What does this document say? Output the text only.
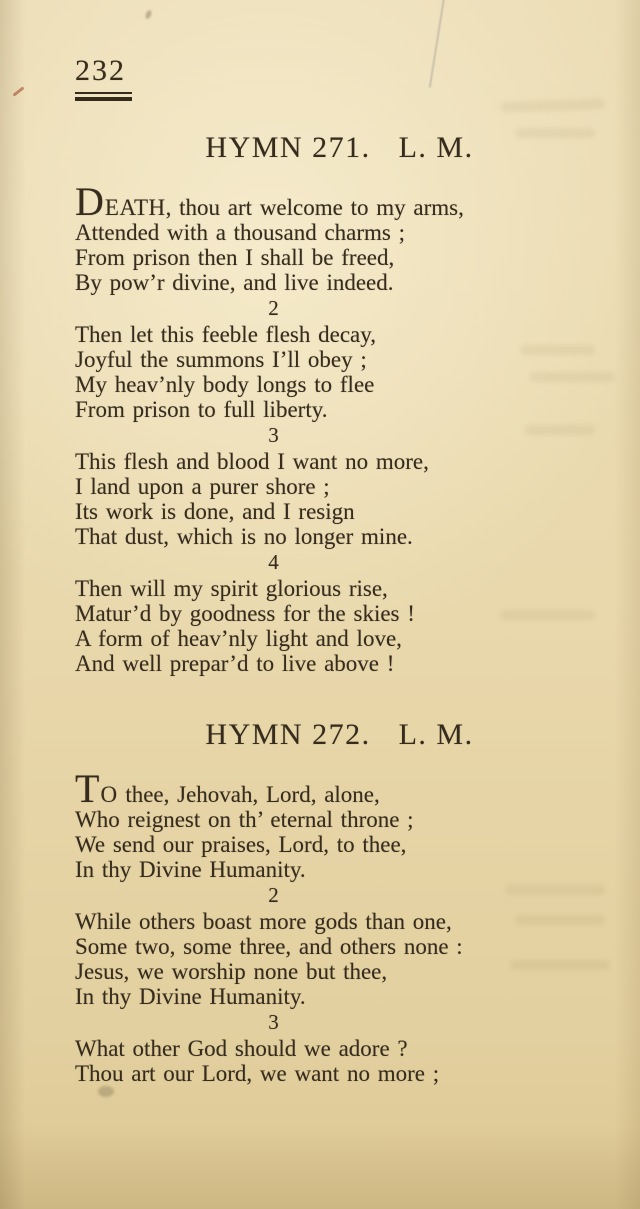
232
HYMN 271. L. M.
DEATH, thou art welcome to my arms,
Attended with a thousand charms ;
From prison then I shall be freed,
By pow’r divine, and live indeed.
2
Then let this feeble flesh decay,
Joyful the summons I’ll obey ;
My heav’nly body longs to flee
From prison to full liberty.
3
This flesh and blood I want no more,
I land upon a purer shore ;
Its work is done, and I resign
That dust, which is no longer mine.
4
Then will my spirit glorious rise,
Matur’d by goodness for the skies !
A form of heav’nly light and love,
And well prepar’d to live above !
HYMN 272. L. M.
TO thee, Jehovah, Lord, alone,
Who reignest on th’ eternal throne ;
We send our praises, Lord, to thee,
In thy Divine Humanity.
2
While others boast more gods than one,
Some two, some three, and others none :
Jesus, we worship none but thee,
In thy Divine Humanity.
3
What other God should we adore ?
Thou art our Lord, we want no more ;
